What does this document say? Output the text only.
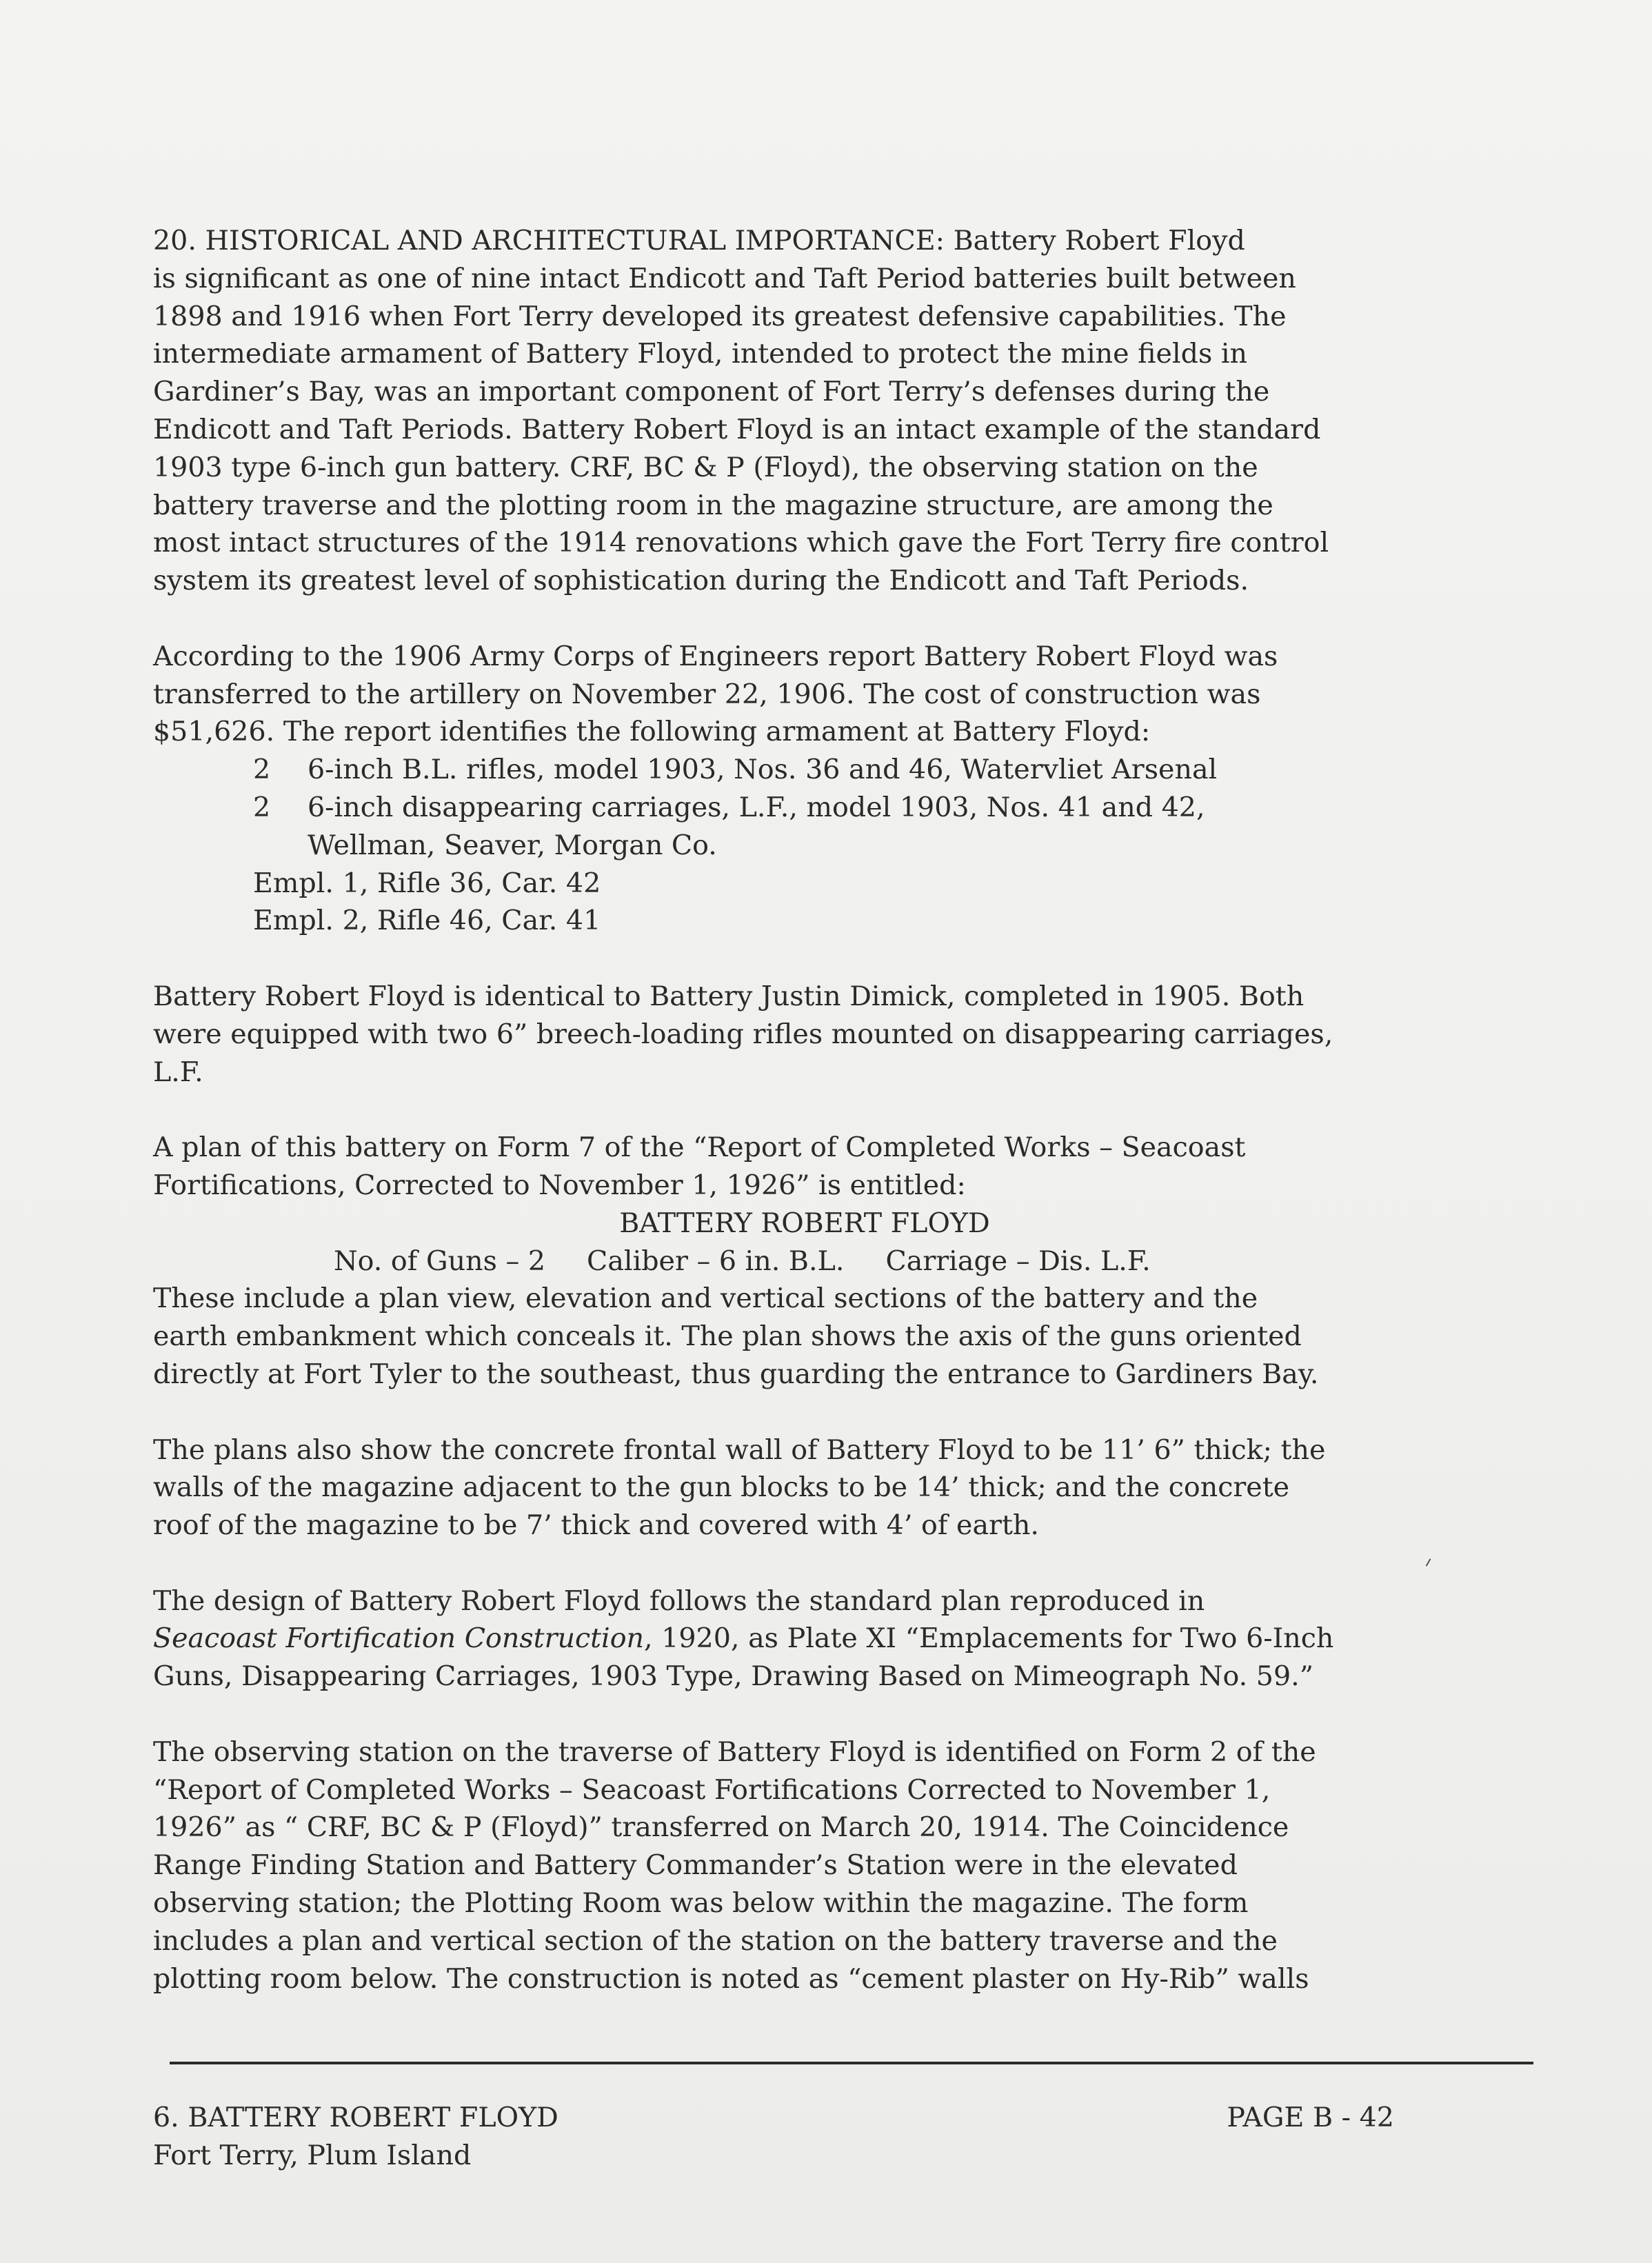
20. HISTORICAL AND ARCHITECTURAL IMPORTANCE: Battery Robert Floyd
is significant as one of nine intact Endicott and Taft Period batteries built between
1898 and 1916 when Fort Terry developed its greatest defensive capabilities. The
intermediate armament of Battery Floyd, intended to protect the mine fields in
Gardiner’s Bay, was an important component of Fort Terry’s defenses during the
Endicott and Taft Periods. Battery Robert Floyd is an intact example of the standard
1903 type 6-inch gun battery. CRF, BC & P (Floyd), the observing station on the
battery traverse and the plotting room in the magazine structure, are among the
most intact structures of the 1914 renovations which gave the Fort Terry fire control
system its greatest level of sophistication during the Endicott and Taft Periods.

According to the 1906 Army Corps of Engineers report Battery Robert Floyd was
transferred to the artillery on November 22, 1906. The cost of construction was
$51,626. The report identifies the following armament at Battery Floyd:
2 6-inch B.L. rifles, model 1903, Nos. 36 and 46, Watervliet Arsenal
2 6-inch disappearing carriages, L.F., model 1903, Nos. 41 and 42,
Wellman, Seaver, Morgan Co.
Empl. 1, Rifle 36, Car. 42
Empl. 2, Rifle 46, Car. 41

Battery Robert Floyd is identical to Battery Justin Dimick, completed in 1905. Both
were equipped with two 6” breech-loading rifles mounted on disappearing carriages,
L.F.

A plan of this battery on Form 7 of the “Report of Completed Works – Seacoast
Fortifications, Corrected to November 1, 1926” is entitled:
BATTERY ROBERT FLOYD
No. of Guns – 2 Caliber – 6 in. B.L. Carriage – Dis. L.F.
These include a plan view, elevation and vertical sections of the battery and the
earth embankment which conceals it. The plan shows the axis of the guns oriented
directly at Fort Tyler to the southeast, thus guarding the entrance to Gardiners Bay.

The plans also show the concrete frontal wall of Battery Floyd to be 11’ 6” thick; the
walls of the magazine adjacent to the gun blocks to be 14’ thick; and the concrete
roof of the magazine to be 7’ thick and covered with 4’ of earth.

The design of Battery Robert Floyd follows the standard plan reproduced in
Seacoast Fortification Construction, 1920, as Plate XI “Emplacements for Two 6-Inch
Guns, Disappearing Carriages, 1903 Type, Drawing Based on Mimeograph No. 59.”

The observing station on the traverse of Battery Floyd is identified on Form 2 of the
“Report of Completed Works – Seacoast Fortifications Corrected to November 1,
1926” as “ CRF, BC & P (Floyd)” transferred on March 20, 1914. The Coincidence
Range Finding Station and Battery Commander’s Station were in the elevated
observing station; the Plotting Room was below within the magazine. The form
includes a plan and vertical section of the station on the battery traverse and the
plotting room below. The construction is noted as “cement plaster on Hy-Rib” walls

6. BATTERY ROBERT FLOYD
Fort Terry, Plum Island
PAGE B - 42
